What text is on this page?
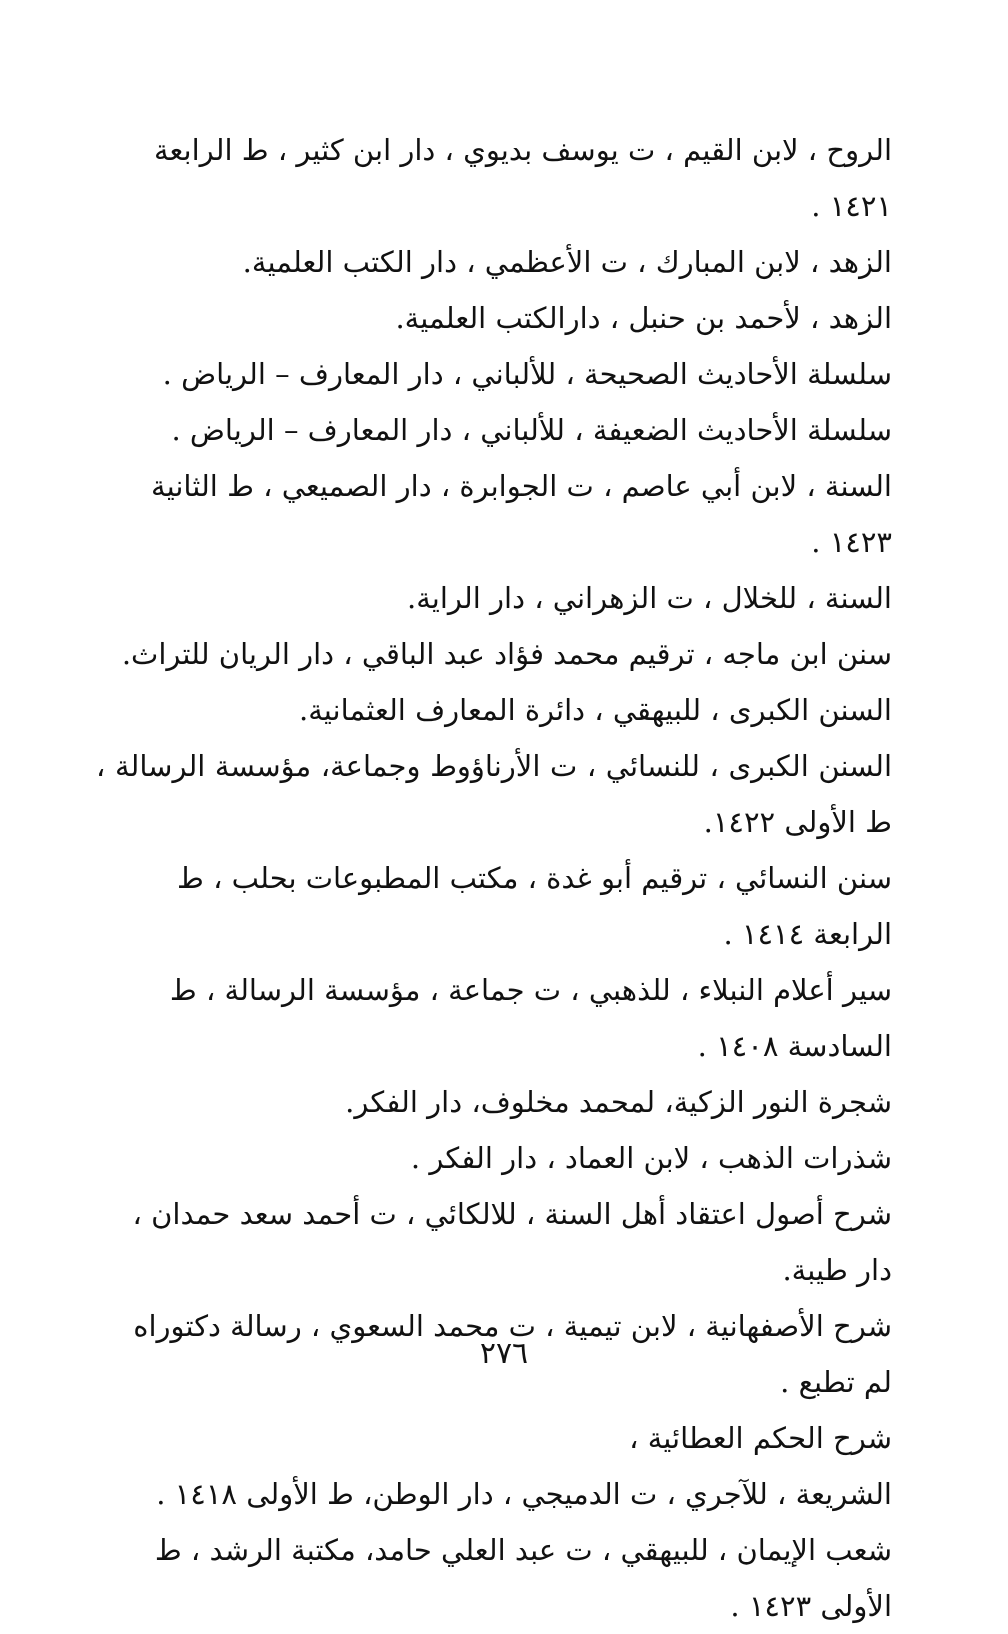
الروح ، لابن القيم ، ت يوسف بديوي ، دار ابن كثير ، ط الرابعة ١٤٢١ .
الزهد ، لابن المبارك ، ت الأعظمي ، دار الكتب العلمية.
الزهد ، لأحمد بن حنبل ، دارالكتب العلمية.
سلسلة الأحاديث الصحيحة ، للألباني ، دار المعارف – الرياض .
سلسلة الأحاديث الضعيفة ، للألباني ، دار المعارف – الرياض .
السنة ، لابن أبي عاصم ، ت الجوابرة ، دار الصميعي ، ط الثانية ١٤٢٣ .
السنة ، للخلال ، ت الزهراني ، دار الراية.
سنن ابن ماجه ، ترقيم محمد فؤاد عبد الباقي ، دار الريان للتراث.
السنن الكبرى ، للبيهقي ، دائرة المعارف العثمانية.
السنن الكبرى ، للنسائي ، ت الأرناؤوط وجماعة، مؤسسة الرسالة ، ط الأولى ١٤٢٢.
سنن النسائي ، ترقيم أبو غدة ، مكتب المطبوعات بحلب ، ط الرابعة ١٤١٤ .
سير أعلام النبلاء ، للذهبي ، ت جماعة ، مؤسسة الرسالة ، ط السادسة ١٤٠٨ .
شجرة النور الزكية، لمحمد مخلوف، دار الفكر.
شذرات الذهب ، لابن العماد ، دار الفكر .
شرح أصول اعتقاد أهل السنة ، للالكائي ، ت أحمد سعد حمدان ، دار طيبة.
شرح الأصفهانية ، لابن تيمية ، ت محمد السعوي ، رسالة دكتوراه لم تطبع .
شرح الحكم العطائية ،
الشريعة ، للآجري ، ت الدميجي ، دار الوطن، ط الأولى ١٤١٨ .
شعب الإيمان ، للبيهقي ، ت عبد العلي حامد، مكتبة الرشد ، ط الأولى ١٤٢٣ .
٢٧٦
